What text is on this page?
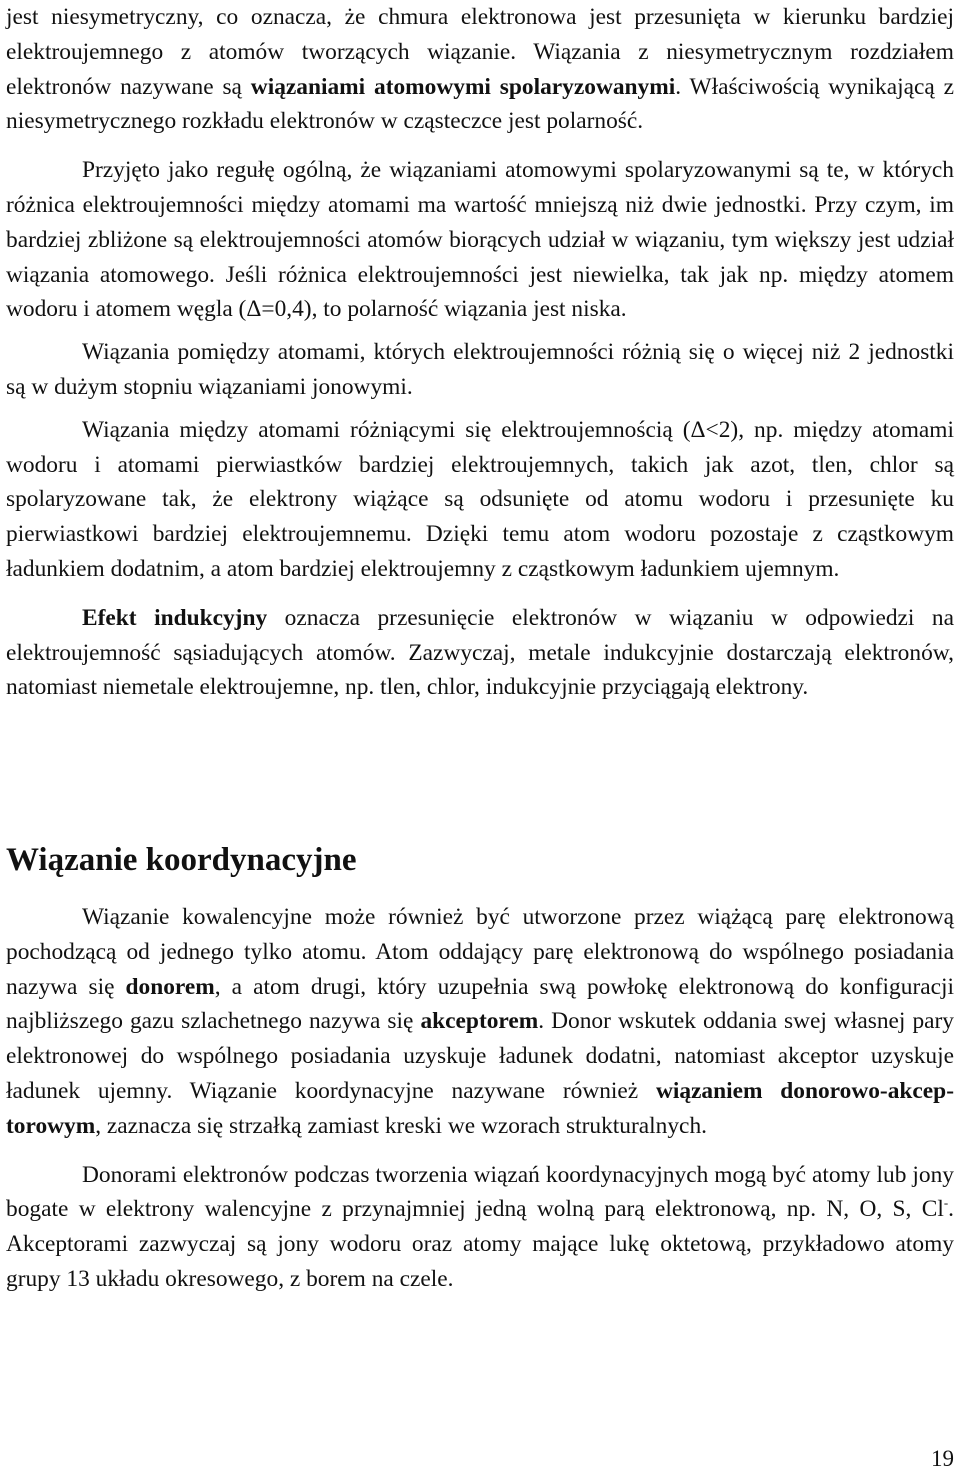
jest niesymetryczny, co oznacza, że chmura elektronowa jest przesunięta w kierunku bardziej elektroujemnego z atomów tworzących wiązanie. Wiązania z niesymetrycznym rozdziałem elektronów nazywane są wiązaniami atomowymi spolaryzowanymi. Właściwością wynikającą z niesymetrycznego rozkładu elektronów w cząsteczce jest polarność.

Przyjęto jako regułę ogólną, że wiązaniami atomowymi spolaryzowanymi są te, w których różnica elektroujemności między atomami ma wartość mniejszą niż dwie jednostki. Przy czym, im bardziej zbliżone są elektroujemności atomów biorących udział w wiązaniu, tym większy jest udział wiązania atomowego. Jeśli różnica elektroujemności jest niewielka, tak jak np. między atomem wodoru i atomem węgla (Δ=0,4), to polarność wiązania jest niska.

Wiązania pomiędzy atomami, których elektroujemności różnią się o więcej niż 2 jednostki są w dużym stopniu wiązaniami jonowymi.

Wiązania między atomami różniącymi się elektroujemnością (Δ<2), np. między atomami wodoru i atomami pierwiastków bardziej elektroujemnych, takich jak azot, tlen, chlor są spolaryzowane tak, że elektrony wiążące są odsunięte od atomu wodoru i przesunięte ku pierwiastkowi bardziej elektroujemnemu. Dzięki temu atom wodoru pozostaje z cząstkowym ładunkiem dodatnim, a atom bardziej elektroujemny z cząstkowym ładunkiem ujemnym.

Efekt indukcyjny oznacza przesunięcie elektronów w wiązaniu w odpowiedzi na elektroujemność sąsiadujących atomów. Zazwyczaj, metale indukcyjnie dostarczają elektronów, natomiast niemetale elektroujemne, np. tlen, chlor, indukcyjnie przyciągają elektrony.

Wiązanie koordynacyjne

Wiązanie kowalencyjne może również być utworzone przez wiążącą parę elektronową pochodzącą od jednego tylko atomu. Atom oddający parę elektronową do wspólnego posiadania nazywa się donorem, a atom drugi, który uzupełnia swą powłokę elektronową do konfiguracji najbliższego gazu szlachetnego nazywa się akceptorem. Donor wskutek oddania swej własnej pary elektronowej do wspólnego posiadania uzyskuje ładunek dodatni, natomiast akceptor uzyskuje ładunek ujemny. Wiązanie koordynacyjne nazywane również wiązaniem donorowo-akceptorowym, zaznacza się strzałką zamiast kreski we wzorach strukturalnych.

Donorami elektronów podczas tworzenia wiązań koordynacyjnych mogą być atomy lub jony bogate w elektrony walencyjne z przynajmniej jedną wolną parą elektronową, np. N, O, S, Cl-. Akceptorami zazwyczaj są jony wodoru oraz atomy mające lukę oktetową, przykładowo atomy grupy 13 układu okresowego, z borem na czele.

19
